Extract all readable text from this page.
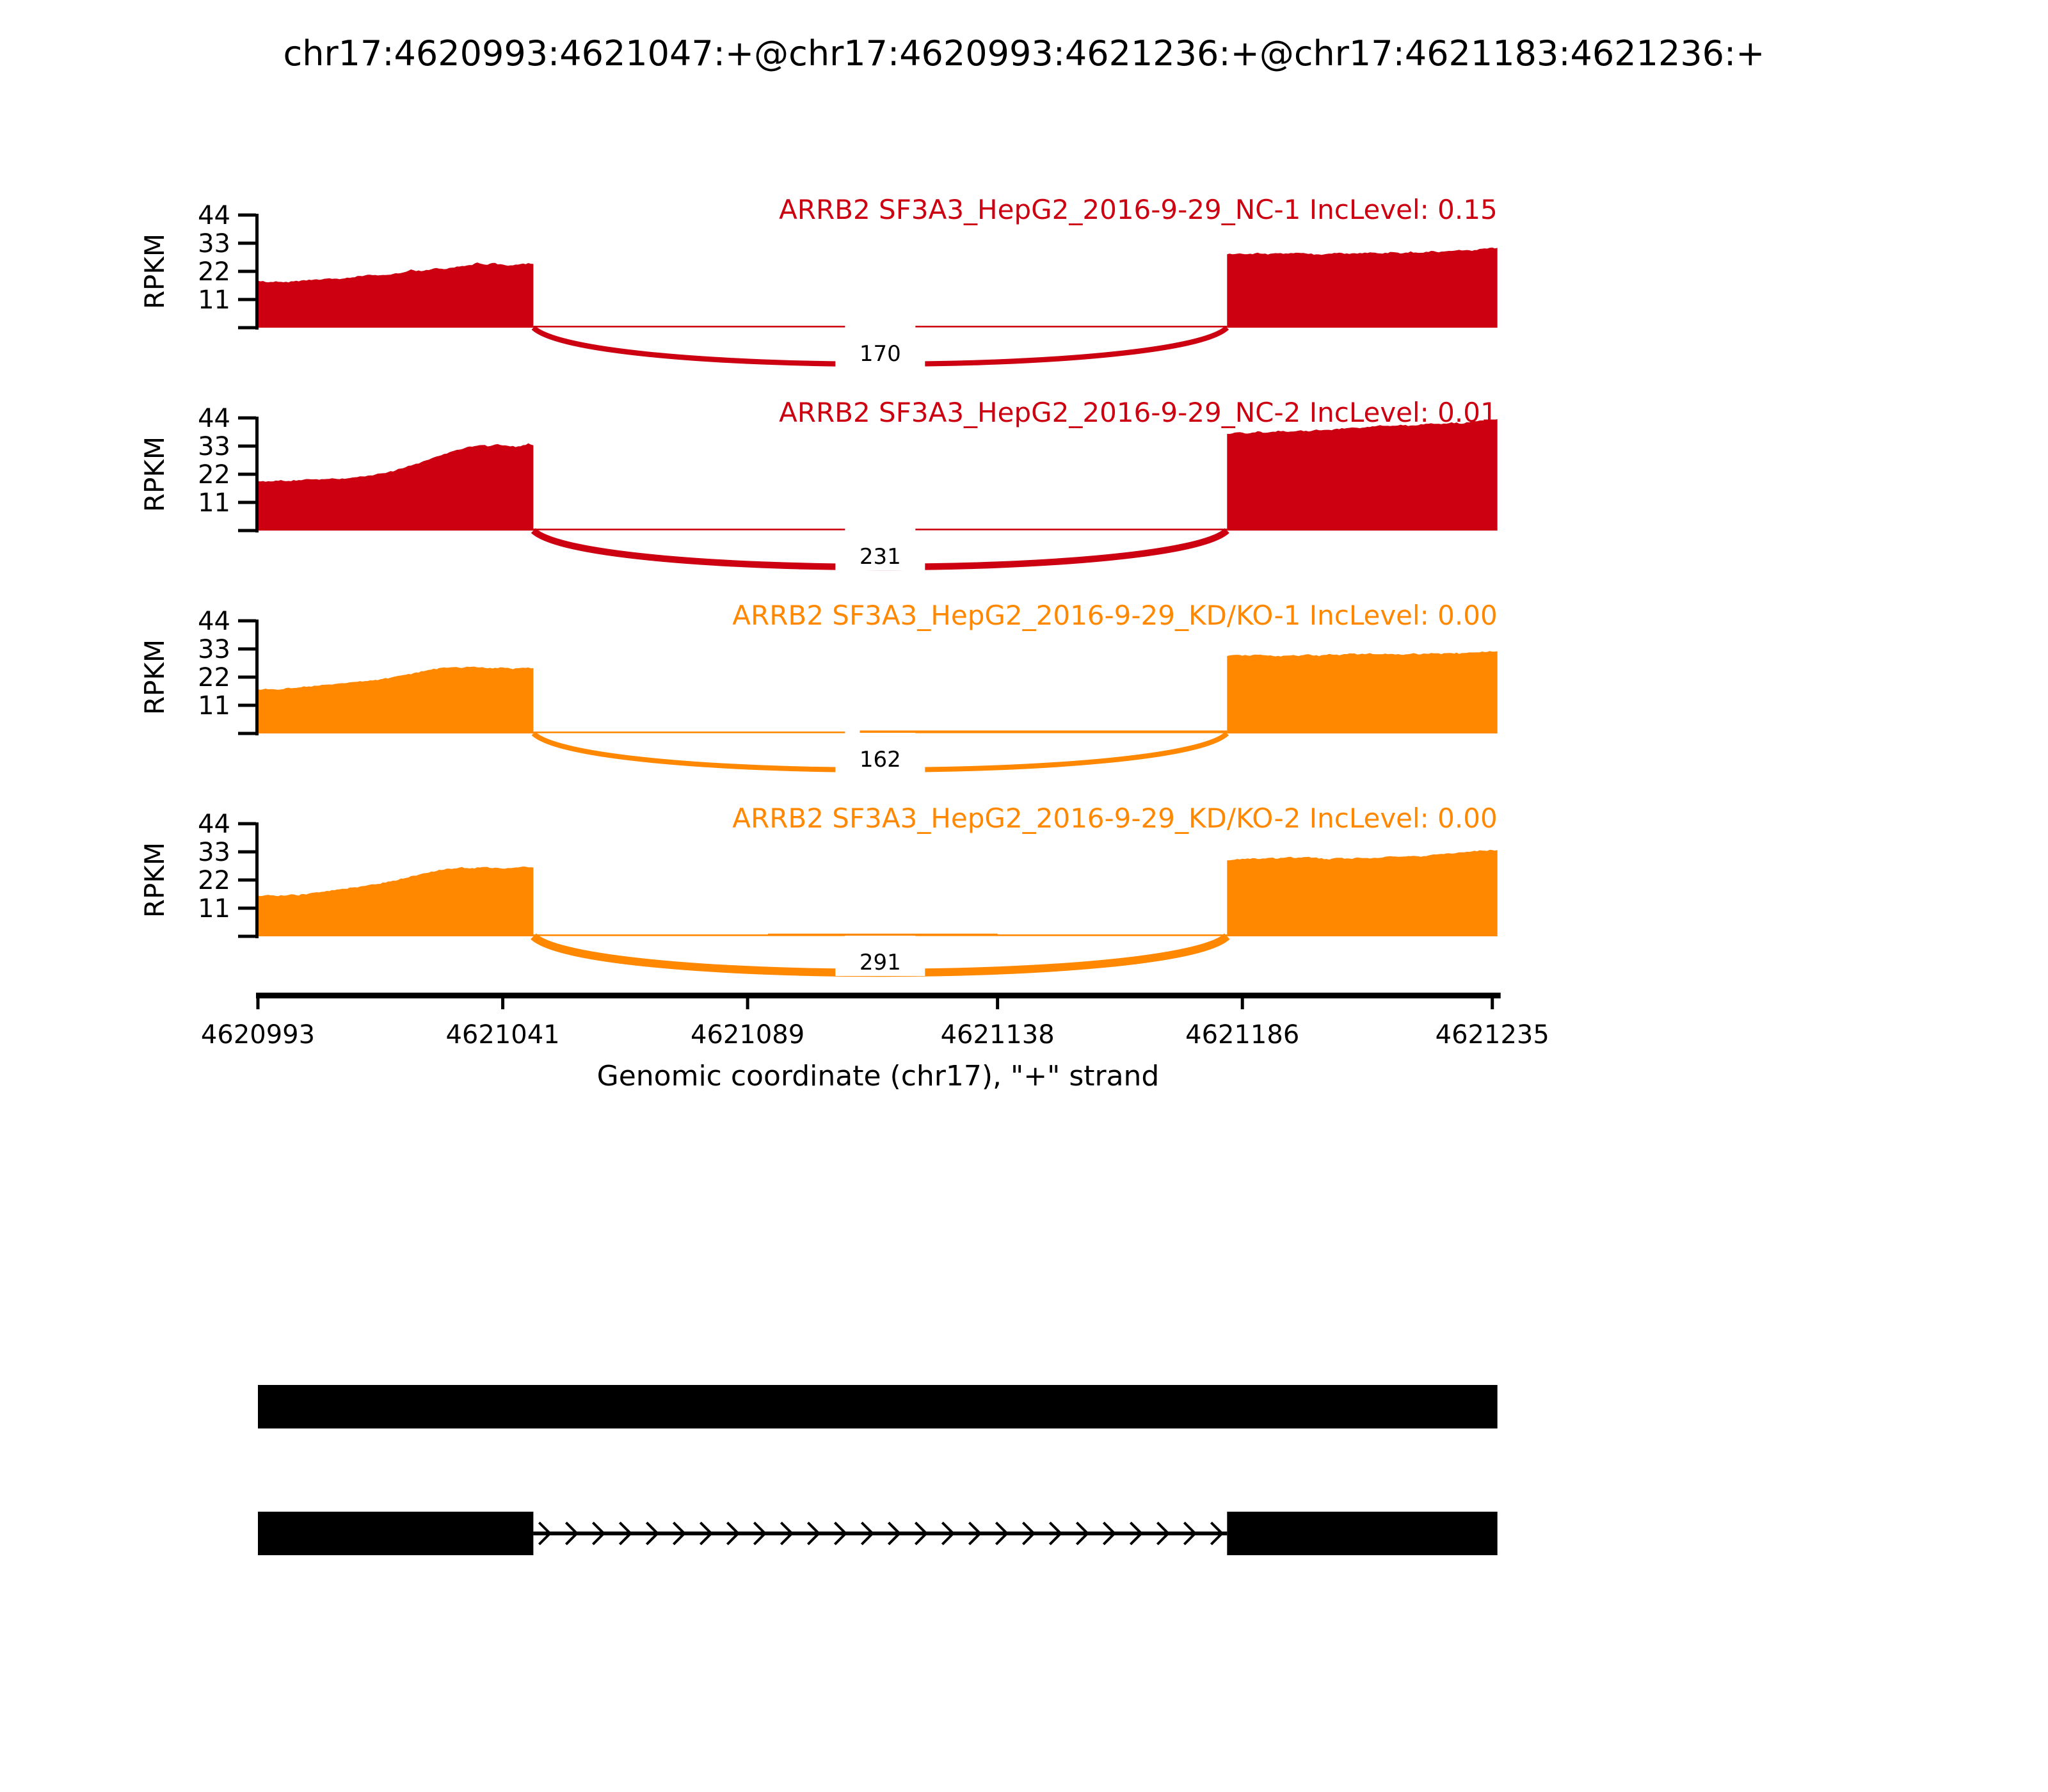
chr17:4620993:4621047:+@chr17:4620993:4621236:+@chr17:4621183:4621236:+
170
11
22
33
44
RPKM
ARRB2 SF3A3_HepG2_2016-9-29_NC-1 IncLevel: 0.15
231
11
22
33
44
RPKM
ARRB2 SF3A3_HepG2_2016-9-29_NC-2 IncLevel: 0.01
162
11
22
33
44
RPKM
ARRB2 SF3A3_HepG2_2016-9-29_KD/KO-1 IncLevel: 0.00
291
11
22
33
44
RPKM
ARRB2 SF3A3_HepG2_2016-9-29_KD/KO-2 IncLevel: 0.00
4620993	4621041	4621089	4621138	4621186	4621235
Genomic coordinate (chr17), "+" strand
